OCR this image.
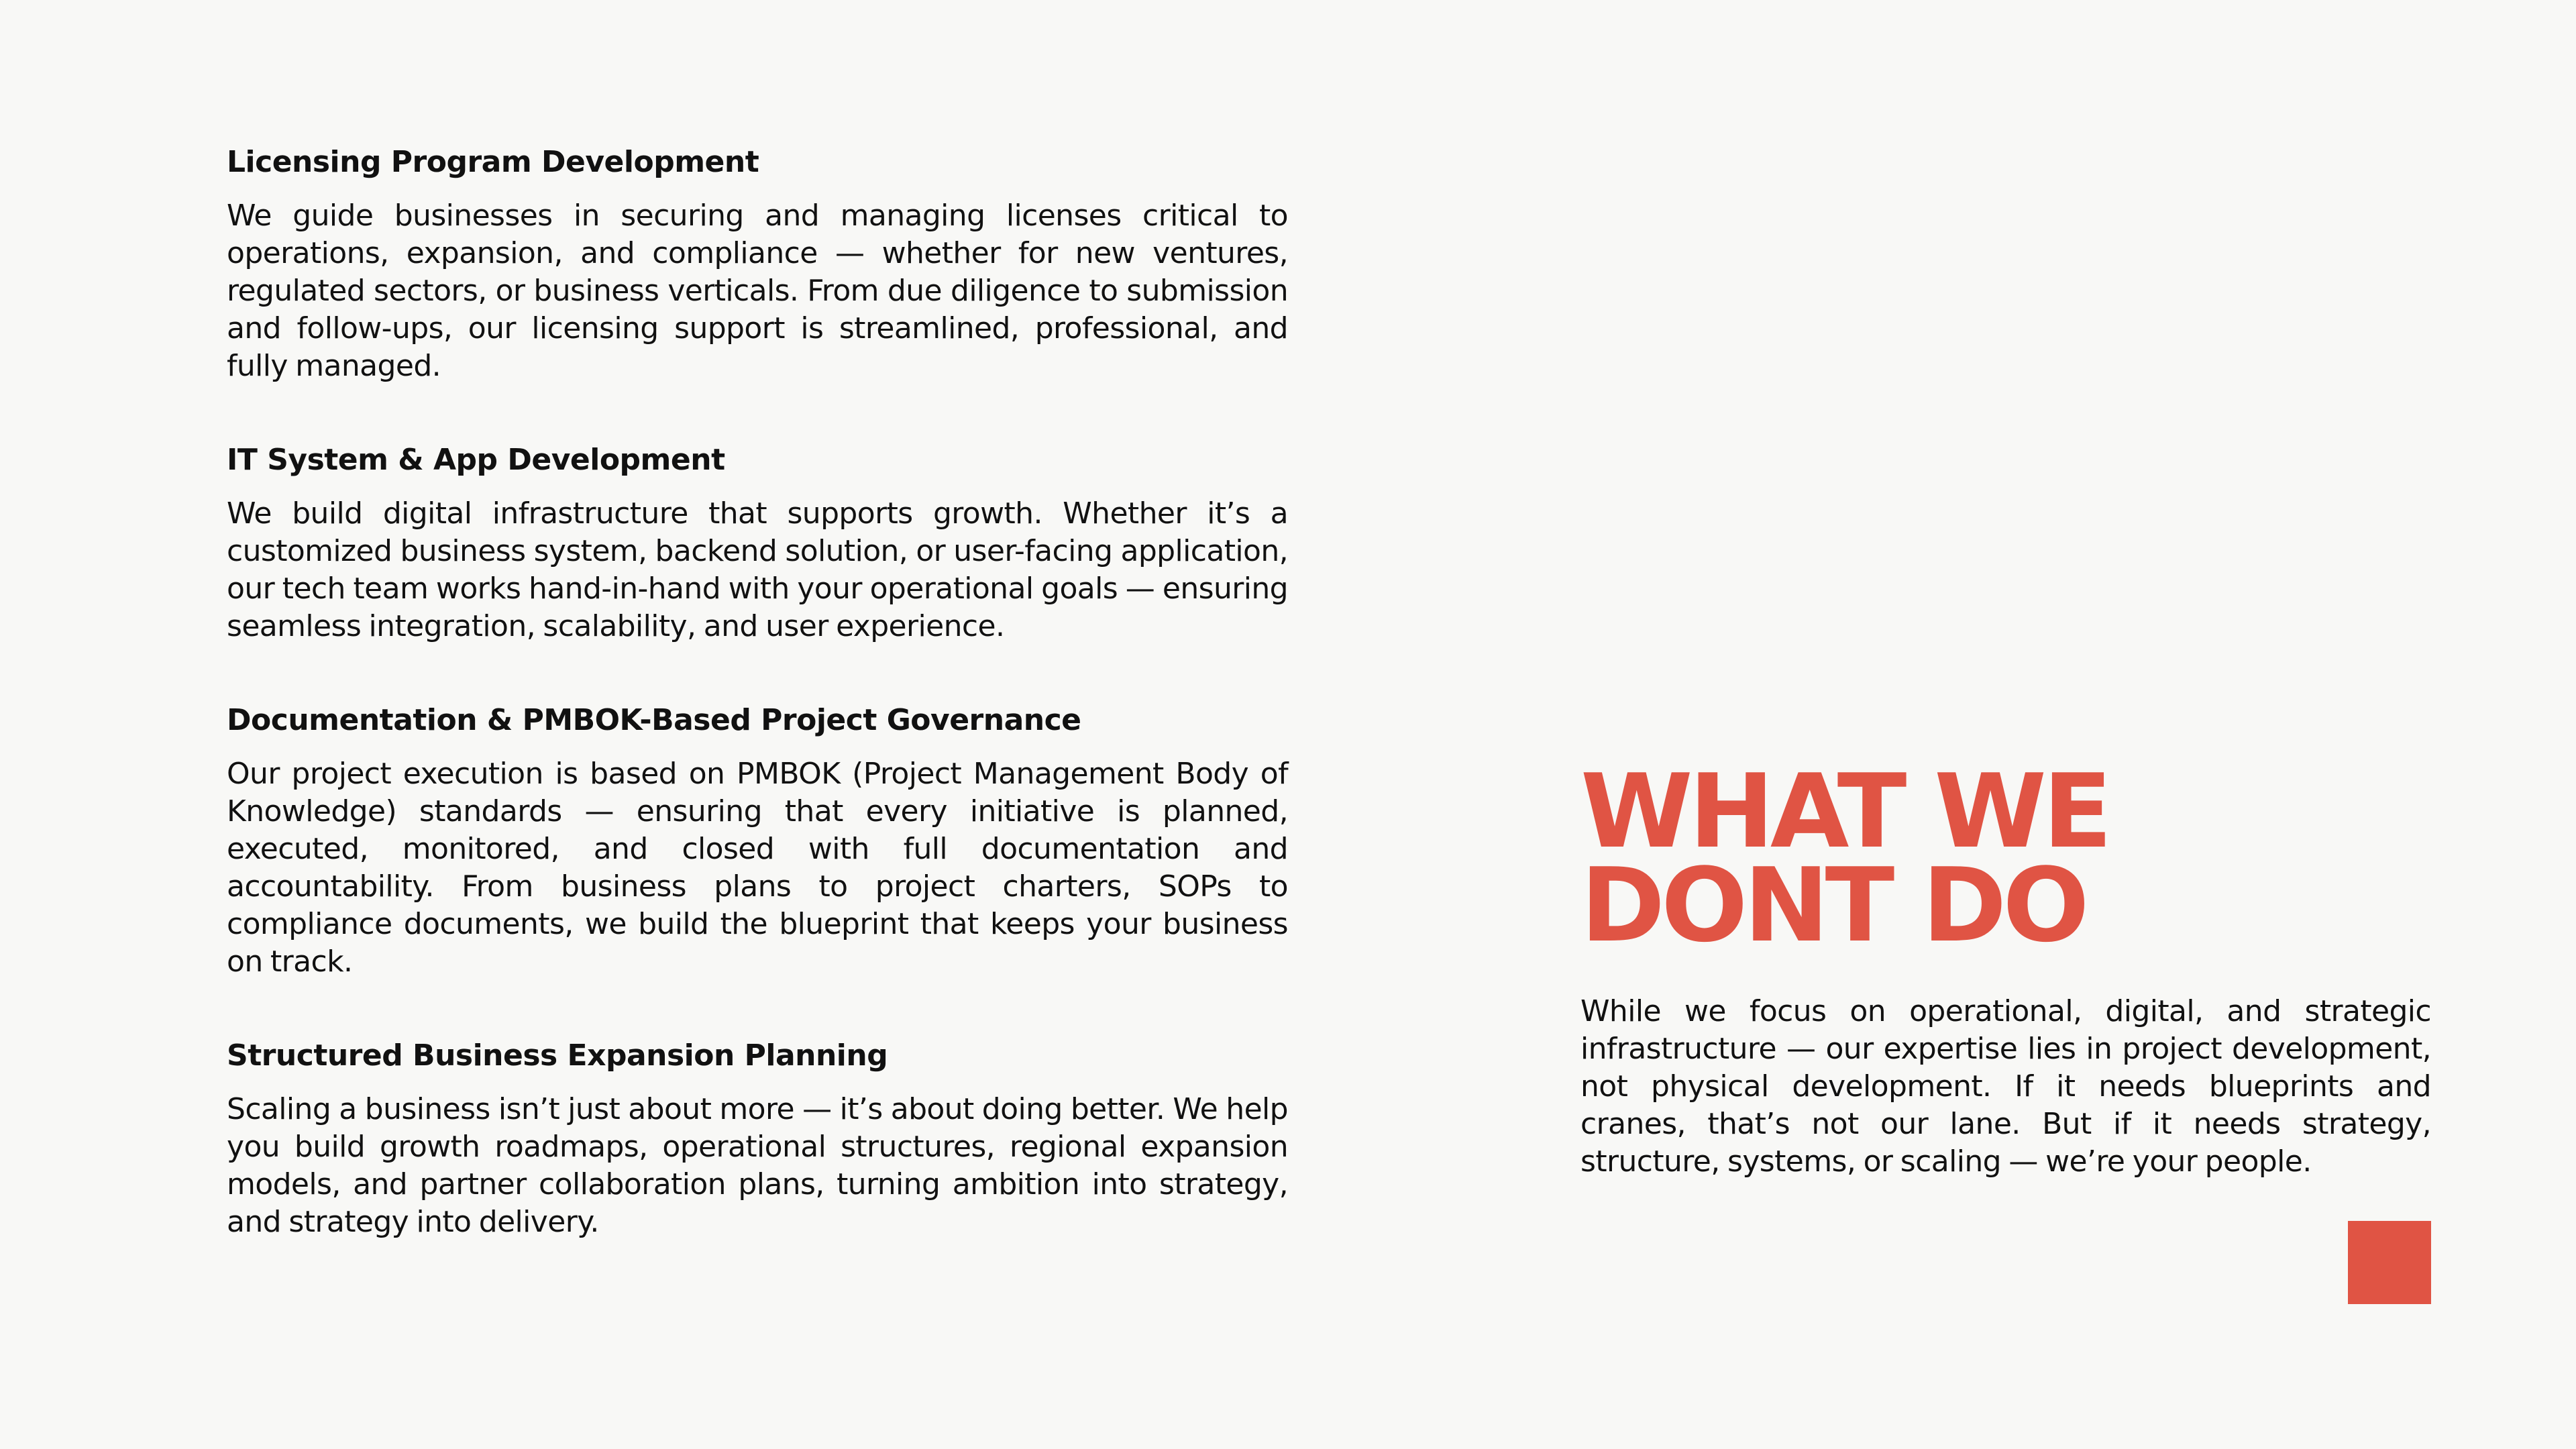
Licensing Program Development

We guide businesses in securing and managing licenses critical to operations, expansion, and compliance — whether for new ventures, regulated sectors, or business verticals. From due diligence to submission and follow-ups, our licensing support is streamlined, professional, and fully managed.

IT System & App Development

We build digital infrastructure that supports growth. Whether it’s a customized business system, backend solution, or user-facing application, our tech team works hand-in-hand with your operational goals — ensuring seamless integration, scalability, and user experience.

Documentation & PMBOK-Based Project Governance

Our project execution is based on PMBOK (Project Management Body of Knowledge) standards — ensuring that every initiative is planned, executed, monitored, and closed with full documentation and accountability. From business plans to project charters, SOPs to compliance documents, we build the blueprint that keeps your business on track.

Structured Business Expansion Planning

Scaling a business isn’t just about more — it’s about doing better. We help you build growth roadmaps, operational structures, regional expansion models, and partner collaboration plans, turning ambition into strategy, and strategy into delivery.

WHAT WE DONT DO

While we focus on operational, digital, and strategic infrastructure — our expertise lies in project development, not physical development. If it needs blueprints and cranes, that’s not our lane. But if it needs strategy, structure, systems, or scaling — we’re your people.
